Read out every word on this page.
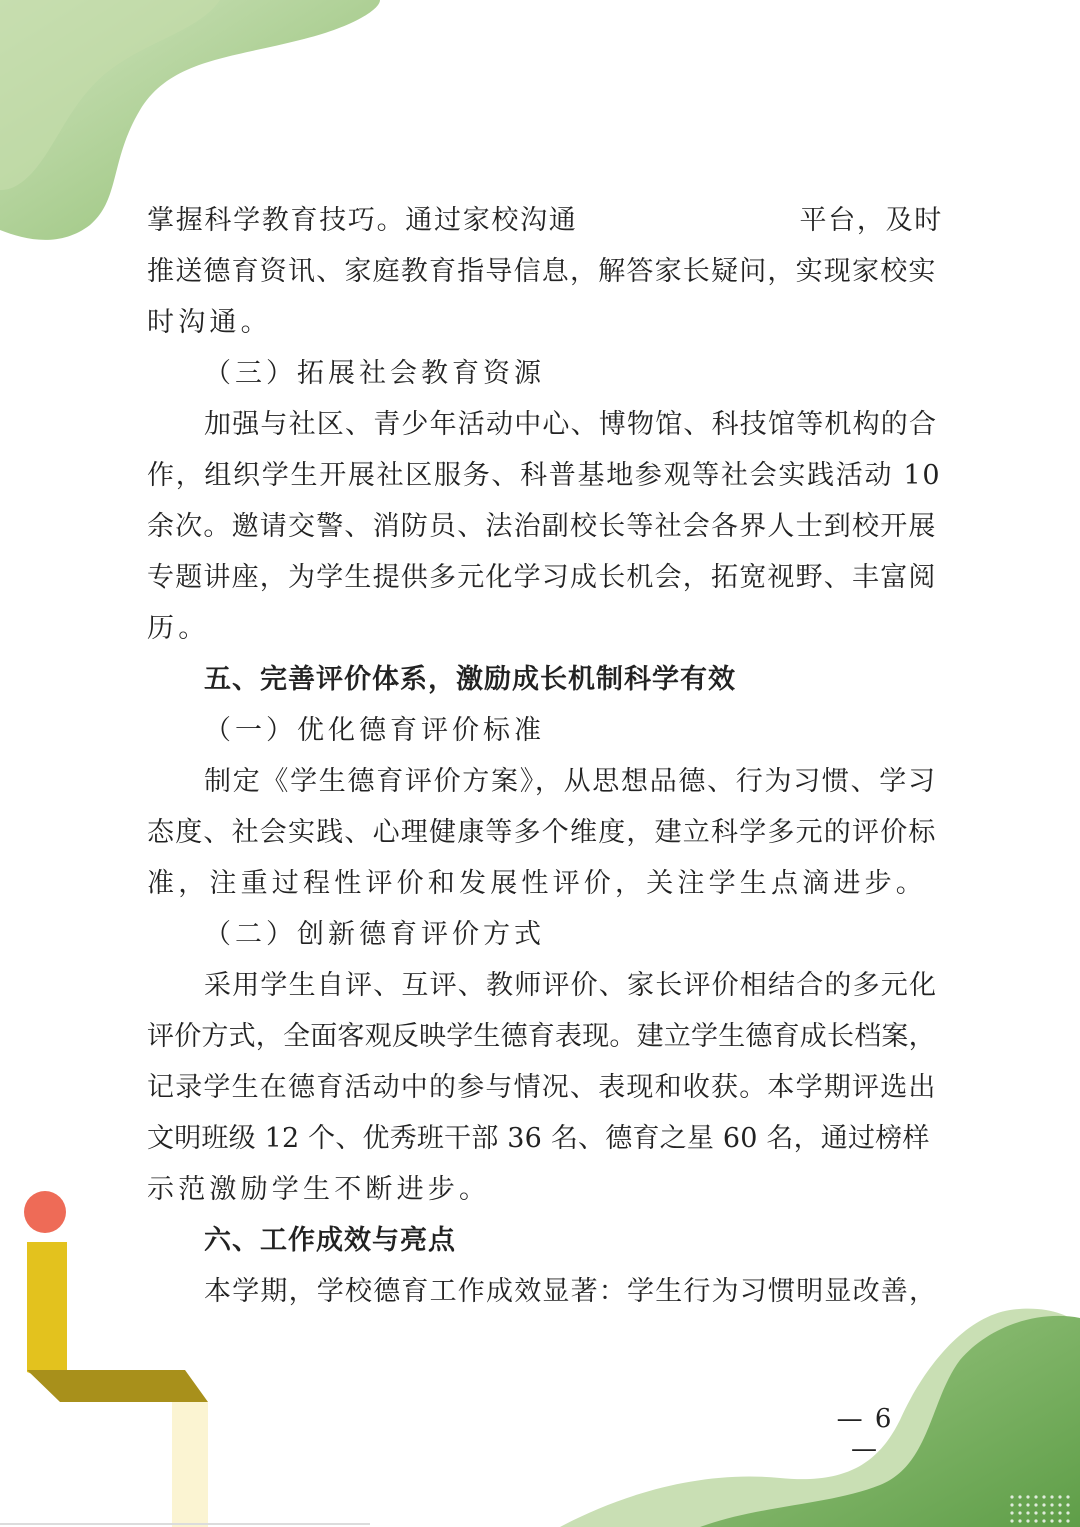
掌握科学教育技巧。通过家校沟通	平台，及时
推送德育资讯、家庭教育指导信息，解答家长疑问，实现家校实
时沟通。
（三）拓展社会教育资源
加强与社区、青少年活动中心、博物馆、科技馆等机构的合
作，组织学生开展社区服务、科普基地参观等社会实践活动 10
余次。邀请交警、消防员、法治副校长等社会各界人士到校开展
专题讲座，为学生提供多元化学习成长机会，拓宽视野、丰富阅
历。
五、完善评价体系，激励成长机制科学有效
（一）优化德育评价标准
制定《学生德育评价方案》，从思想品德、行为习惯、学习
态度、社会实践、心理健康等多个维度，建立科学多元的评价标
准，注重过程性评价和发展性评价，关注学生点滴进步。
（二）创新德育评价方式
采用学生自评、互评、教师评价、家长评价相结合的多元化
评价方式，全面客观反映学生德育表现。建立学生德育成长档案，
记录学生在德育活动中的参与情况、表现和收获。本学期评选出
文明班级 12 个、优秀班干部 36 名、德育之星 60 名，通过榜样
示范激励学生不断进步。
六、工作成效与亮点
本学期，学校德育工作成效显著：学生行为习惯明显改善，
— 6 —
